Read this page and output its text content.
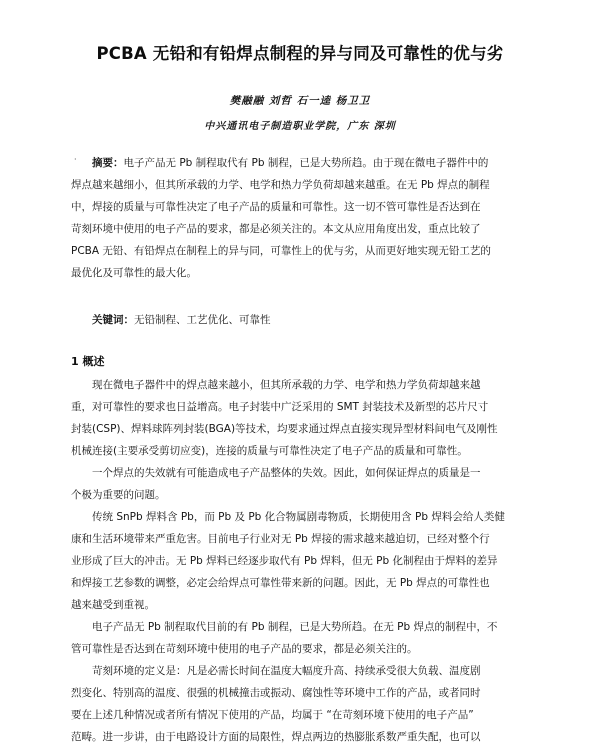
PCBA 无铅和有铅焊点制程的异与同及可靠性的优与劣
樊融融 刘哲 石一逵 杨卫卫
中兴通讯电子制造职业学院，广东 深圳
·
　　	摘要：电子产品无 Pb 制程取代有 Pb 制程，已是大势所趋。由于现在微电子器件中的
焊点越来越细小，但其所承载的力学、电学和热力学负荷却越来越重。在无 Pb 焊点的制程
中，焊接的质量与可靠性决定了电子产品的质量和可靠性。这一切不管可靠性是否达到在
苛刻环境中使用的电子产品的要求，都是必须关注的。本文从应用角度出发，重点比较了
PCBA 无铅、有铅焊点在制程上的异与同，可靠性上的优与劣，从而更好地实现无铅工艺的
最优化及可靠性的最大化。
关键词：无铅制程、工艺优化、可靠性
1 概述
　　现在微电子器件中的焊点越来越小，但其所承载的力学、电学和热力学负荷却越来越
重，对可靠性的要求也日益增高。电子封装中广泛采用的 SMT 封装技术及新型的芯片尺寸
封装(CSP)、焊料球阵列封装(BGA)等技术，均要求通过焊点直接实现异型材料间电气及刚性
机械连接(主要承受剪切应变)，连接的质量与可靠性决定了电子产品的质量和可靠性。
　　一个焊点的失效就有可能造成电子产品整体的失效。因此，如何保证焊点的质量是一
个极为重要的问题。
　　传统 SnPb 焊料含 Pb，而 Pb 及 Pb 化合物属剧毒物质，长期使用含 Pb 焊料会给人类健
康和生活环境带来严重危害。目前电子行业对无 Pb 焊接的需求越来越迫切，已经对整个行
业形成了巨大的冲击。无 Pb 焊料已经逐步取代有 Pb 焊料，但无 Pb 化制程由于焊料的差异
和焊接工艺参数的调整，必定会给焊点可靠性带来新的问题。因此，无 Pb 焊点的可靠性也
越来越受到重视。
　　电子产品无 Pb 制程取代目前的有 Pb 制程，已是大势所趋。在无 Pb 焊点的制程中，不
管可靠性是否达到在苛刻环境中使用的电子产品的要求，都是必须关注的。
　　苛刻环境的定义是：凡是必需长时间在温度大幅度升高、持续承受很大负载、温度剧
烈变化、特别高的温度、很强的机械撞击或振动、腐蚀性等环境中工作的产品，或者同时
要在上述几种情况或者所有情况下使用的产品，均属于 “在苛刻环境下使用的电子产品”
范畴。进一步讲，由于电路设计方面的局限性，焊点两边的热膨胀系数严重失配，也可以
